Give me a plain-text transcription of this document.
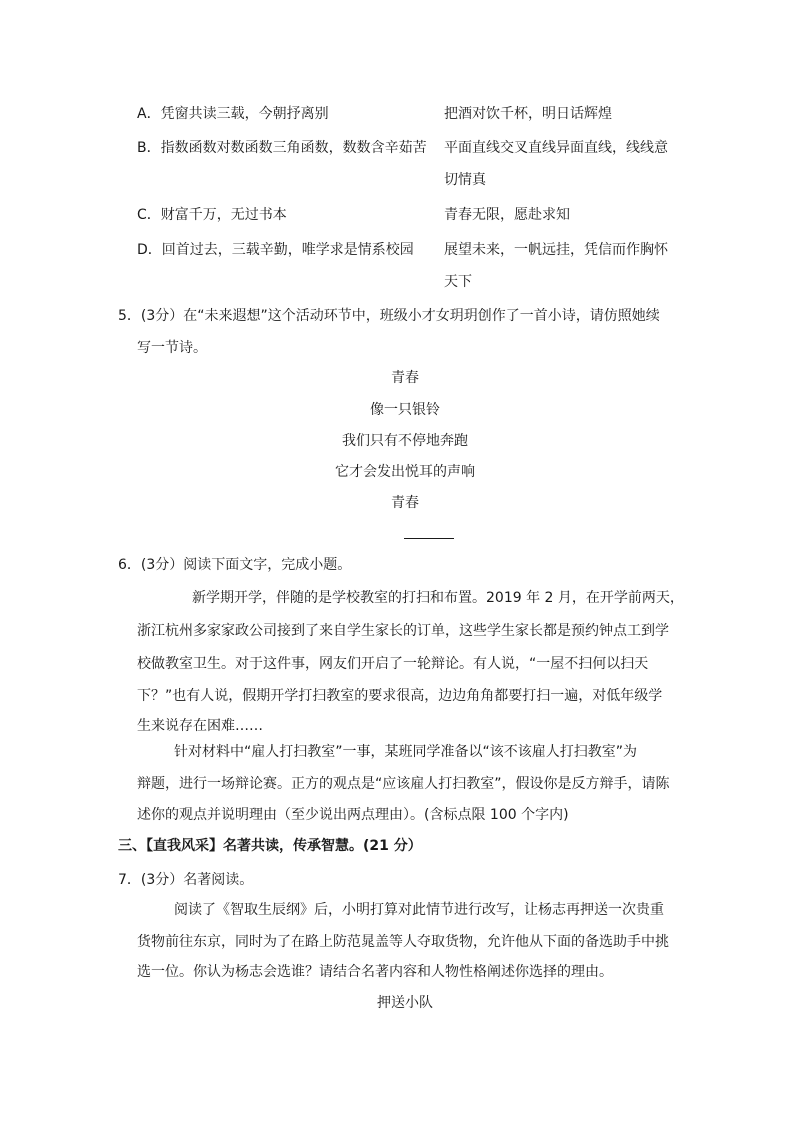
A．凭窗共读三载，今朝抒离别	把酒对饮千杯，明日话辉煌
B．指数函数对数函数三角函数，数数含辛茹苦 平面直线交叉直线异面直线，线线意
切情真
C．财富千万，无过书本	青春无限，愿赴求知
D．回首过去，三载辛勤，唯学求是情系校园 展望未来，一帆远挂，凭信而作胸怀
天下
5．(3分）在“未来遐想”这个活动环节中，班级小才女玥玥创作了一首小诗，请仿照她续
写一节诗。
青春
像一只银铃
我们只有不停地奔跑
它才会发出悦耳的声响
青春
6．(3分）阅读下面文字，完成小题。
新学期开学，伴随的是学校教室的打扫和布置。2019 年 2 月，在开学前两天，
浙江杭州多家家政公司接到了来自学生家长的订单，这些学生家长都是预约钟点工到学
校做教室卫生。对于这件事，网友们开启了一轮辩论。有人说，“一屋不扫何以扫天
下？”也有人说，假期开学打扫教室的要求很高，边边角角都要打扫一遍，对低年级学
生来说存在困难……
针对材料中“雇人打扫教室”一事，某班同学准备以“该不该雇人打扫教室”为
辩题，进行一场辩论赛。正方的观点是“应该雇人打扫教室”，假设你是反方辩手，请陈
述你的观点并说明理由（至少说出两点理由）。(含标点限 100 个字内)
三、【直我风采】名著共读，传承智慧。(21 分）
7．(3分）名著阅读。
阅读了《智取生辰纲》后，小明打算对此情节进行改写，让杨志再押送一次贵重
货物前往东京，同时为了在路上防范晁盖等人夺取货物，允许他从下面的备选助手中挑
选一位。你认为杨志会选谁？请结合名著内容和人物性格阐述你选择的理由。
押送小队
